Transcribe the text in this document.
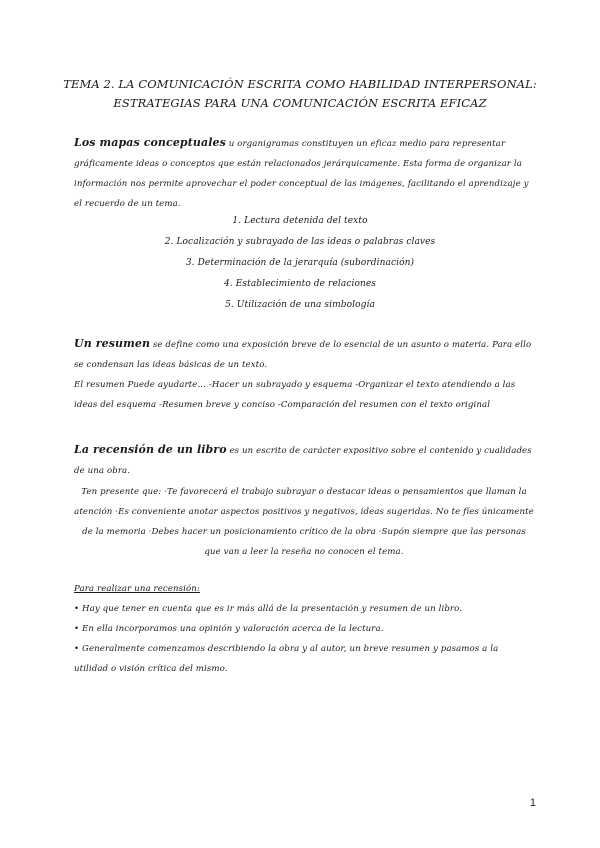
TEMA 2. LA COMUNICACIÓN ESCRITA COMO HABILIDAD INTERPERSONAL:
ESTRATEGIAS PARA UNA COMUNICACIÓN ESCRITA EFICAZ
Los mapas conceptuales u organigramas constituyen un eficaz medio para representar gráficamente ideas o conceptos que están relacionados jerárquicamente. Esta forma de organizar la información nos permite aprovechar el poder conceptual de las imágenes, facilitando el aprendizaje y el recuerdo de un tema.
1. Lectura detenida del texto
2. Localización y subrayado de las ideas o palabras claves
3. Determinación de la jerarquía (subordinación)
4. Establecimiento de relaciones
5. Utilización de una simbología
Un resumen se define como una exposición breve de lo esencial de un asunto o materia. Para ello se condensan las ideas básicas de un texto.
El resumen Puede ayudarte… -Hacer un subrayado y esquema -Organizar el texto atendiendo a las ideas del esquema -Resumen breve y conciso -Comparación del resumen con el texto original
La recensión de un libro es un escrito de carácter expositivo sobre el contenido y cualidades de una obra.
Ten presente que: ·Te favorecerá el trabajo subrayar o destacar ideas o pensamientos que llaman la atención ·Es conveniente anotar aspectos positivos y negativos, ideas sugeridas. No te fíes únicamente de la memoria ·Debes hacer un posicionamiento crítico de la obra ·Supón siempre que las personas que van a leer la reseña no conocen el tema.
Para realizar una recensión:
• Hay que tener en cuenta que es ir más allá de la presentación y resumen de un libro.
• En ella incorporamos una opinión y valoración acerca de la lectura.
• Generalmente comenzamos describiendo la obra y al autor, un breve resumen y pasamos a la utilidad o visión crítica del mismo.
1
